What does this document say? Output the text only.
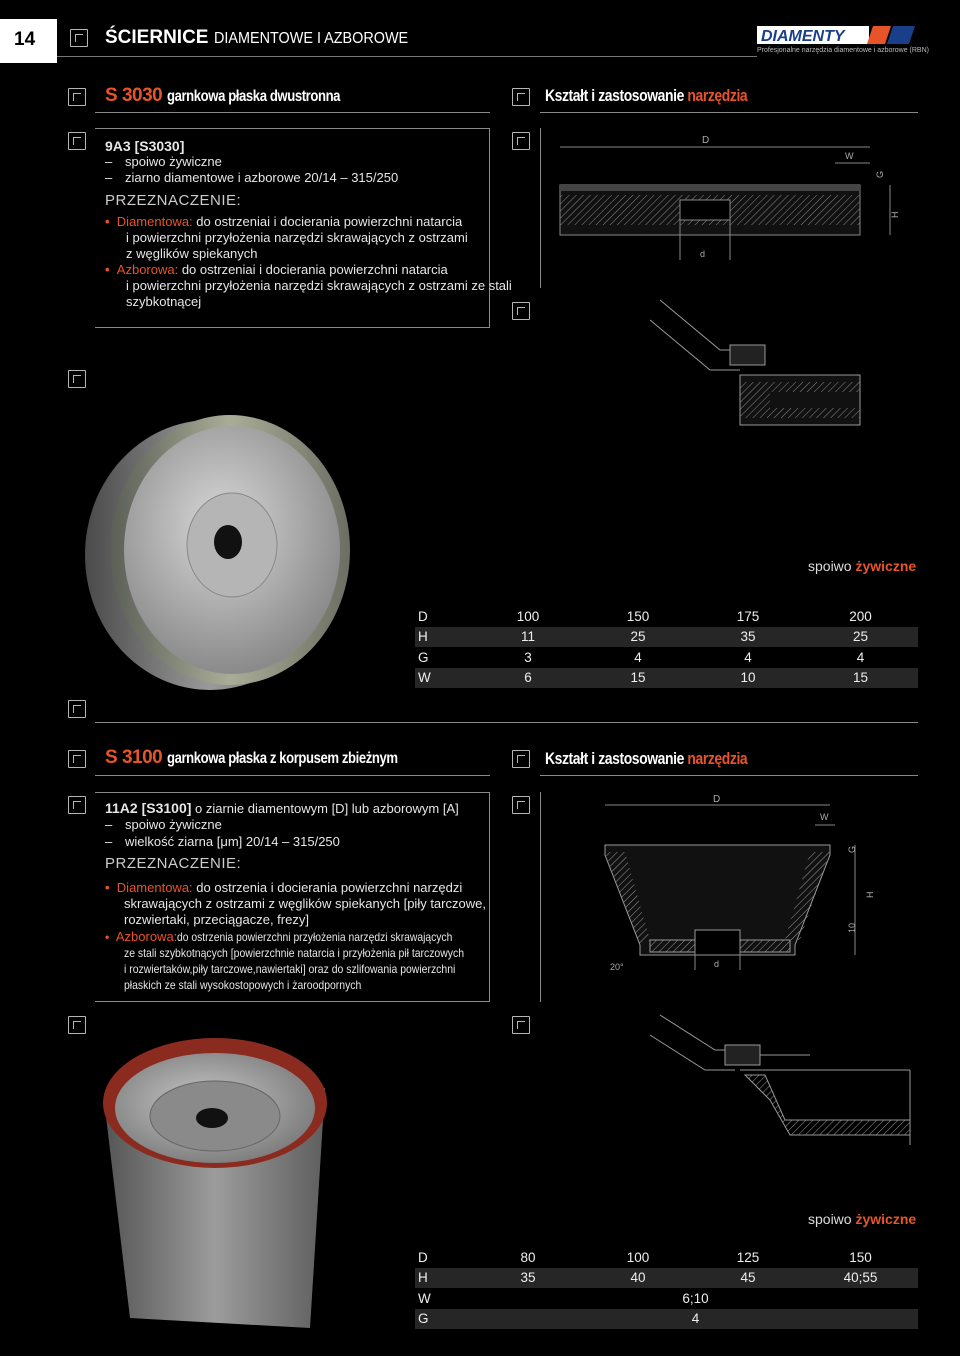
14	ŚCIERNICE DIAMENTOWE I AZBOROWE	DIAMENTY
Profesjonalne narzędzia diamentowe i azborowe (RBN)
S 3030 garnkowa płaska dwustronna	Kształt i zastosowanie narzędzia
9A3 [S3030]
– spoiwo żywiczne
– ziarno diamentowe i azborowe 20/14 – 315/250
PRZEZNACZENIE:
• Diamentowa: do ostrzeniai i docierania powierzchni natarcia
i powierzchni przyłożenia narzędzi skrawających z ostrzami
z węglików spiekanych
• Azborowa: do ostrzeniai i docierania powierzchni natarcia
i powierzchni przyłożenia narzędzi skrawających z ostrzami ze stali
szybkotnącej
D
W
H
G
d
spoiwo żywiczne
D	100	150	175	200
H	11	25	35	25
G	3	4	4	4
W	6	15	10	15
S 3100 garnkowa płaska z korpusem zbieżnym	Kształt i zastosowanie narzędzia
11A2 [S3100] o ziarnie diamentowym [D] lub azborowym [A]
– spoiwo żywiczne
– wielkość ziarna [μm] 20/14 – 315/250
PRZEZNACZENIE:
• Diamentowa: do ostrzenia i docierania powierzchni narzędzi
skrawających z ostrzami z węglików spiekanych [piły tarczowe,
rozwiertaki, przeciągacze, frezy]
• Azborowa:do ostrzenia powierzchni przyłożenia narzędzi skrawających
ze stali szybkotnących [powierzchnie natarcia i przyłożenia pił tarczowych
i rozwiertaków,piły tarczowe,nawiertaki] oraz do szlifowania powierzchni
płaskich ze stali wysokostopowych i żaroodpornych
D
W
G
H
10
d
20°
spoiwo żywiczne
D	80	100	125	150
H	35	40	45	40;55
W	6;10			
G	4			
